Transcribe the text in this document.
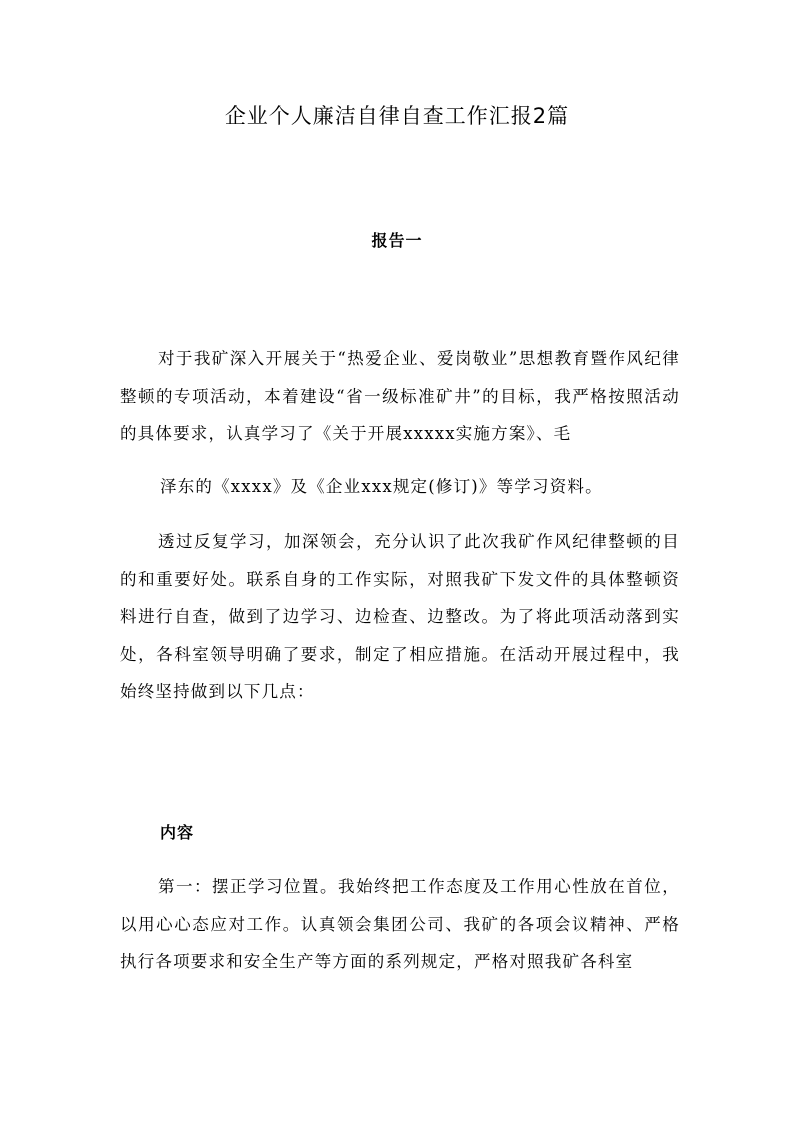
企业个人廉洁自律自查工作汇报2篇
报告一

对于我矿深入开展关于“热爱企业、爱岗敬业”思想教育暨作风纪律整顿的专项活动，本着建设“省一级标准矿井”的目标，我严格按照活动的具体要求，认真学习了《关于开展xxxxx实施方案》、毛

泽东的《xxxx》及《企业xxx规定(修订)》等学习资料。

透过反复学习，加深领会，充分认识了此次我矿作风纪律整顿的目的和重要好处。联系自身的工作实际，对照我矿下发文件的具体整顿资料进行自查，做到了边学习、边检查、边整改。为了将此项活动落到实处，各科室领导明确了要求，制定了相应措施。在活动开展过程中，我始终坚持做到以下几点：

内容

第一：摆正学习位置。我始终把工作态度及工作用心性放在首位，以用心心态应对工作。认真领会集团公司、我矿的各项会议精神、严格执行各项要求和安全生产等方面的系列规定，严格对照我矿各科室
